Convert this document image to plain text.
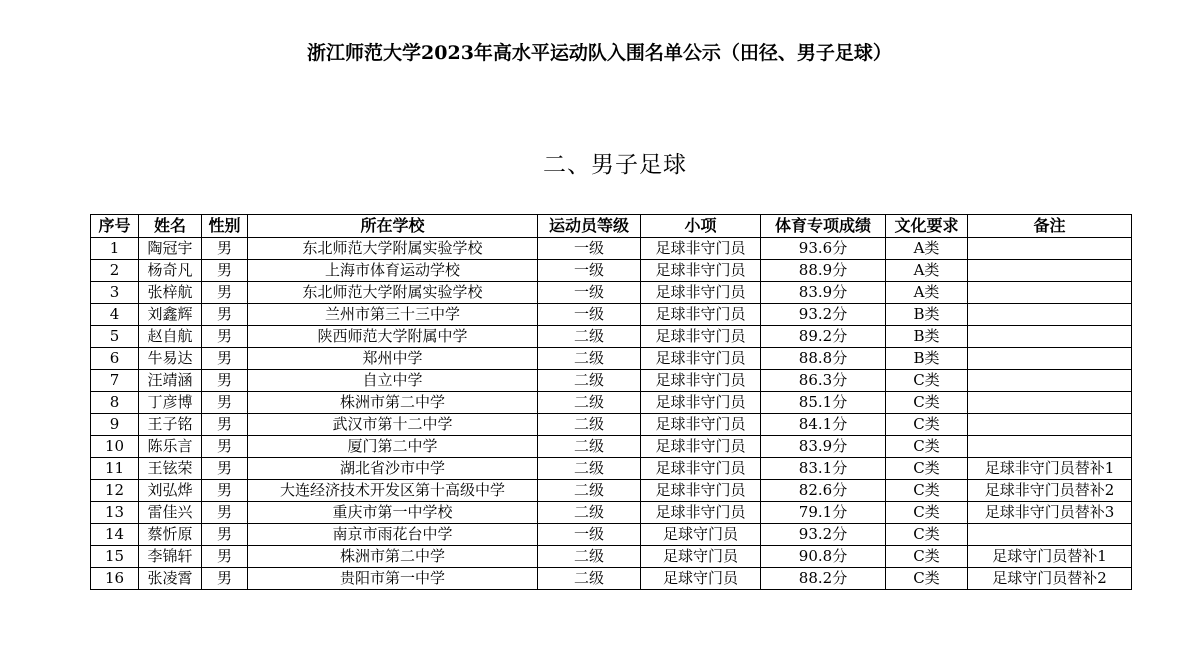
浙江师范大学2023年高水平运动队入围名单公示（田径、男子足球）
二、男子足球
序号	姓名	性别	所在学校	运动员等级	小项	体育专项成绩	文化要求	备注
1	陶冠宇	男	东北师范大学附属实验学校	一级	足球非守门员	93.6分	A类	
2	杨奇凡	男	上海市体育运动学校	一级	足球非守门员	88.9分	A类	
3	张梓航	男	东北师范大学附属实验学校	一级	足球非守门员	83.9分	A类	
4	刘鑫辉	男	兰州市第三十三中学	一级	足球非守门员	93.2分	B类	
5	赵自航	男	陕西师范大学附属中学	二级	足球非守门员	89.2分	B类	
6	牛易达	男	郑州中学	二级	足球非守门员	88.8分	B类	
7	汪靖涵	男	自立中学	二级	足球非守门员	86.3分	C类	
8	丁彦博	男	株洲市第二中学	二级	足球非守门员	85.1分	C类	
9	王子铭	男	武汉市第十二中学	二级	足球非守门员	84.1分	C类	
10	陈乐言	男	厦门第二中学	二级	足球非守门员	83.9分	C类	
11	王铉荣	男	湖北省沙市中学	二级	足球非守门员	83.1分	C类	足球非守门员替补1
12	刘弘烨	男	大连经济技术开发区第十高级中学	二级	足球非守门员	82.6分	C类	足球非守门员替补2
13	雷佳兴	男	重庆市第一中学校	二级	足球非守门员	79.1分	C类	足球非守门员替补3
14	蔡忻原	男	南京市雨花台中学	一级	足球守门员	93.2分	C类	
15	李锦轩	男	株洲市第二中学	二级	足球守门员	90.8分	C类	足球守门员替补1
16	张凌霄	男	贵阳市第一中学	二级	足球守门员	88.2分	C类	足球守门员替补2
